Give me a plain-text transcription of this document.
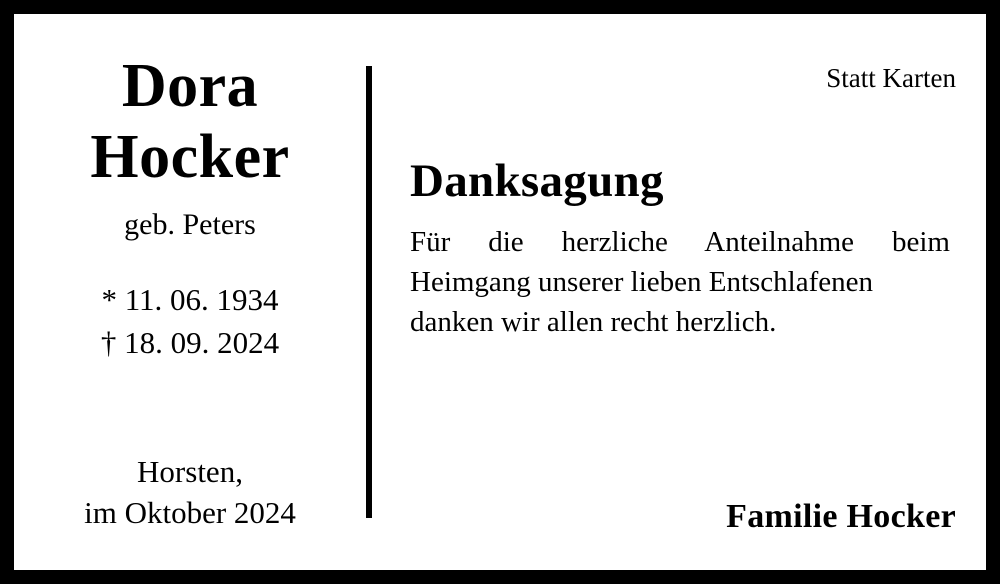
Dora
Hocker
geb. Peters
* 11. 06. 1934
† 18. 09. 2024
Horsten,
im Oktober 2024
Statt Karten
Danksagung
Für die herzliche Anteilnahme beim
Heimgang unserer lieben Entschlafenen
danken wir allen recht herzlich.
Familie Hocker
